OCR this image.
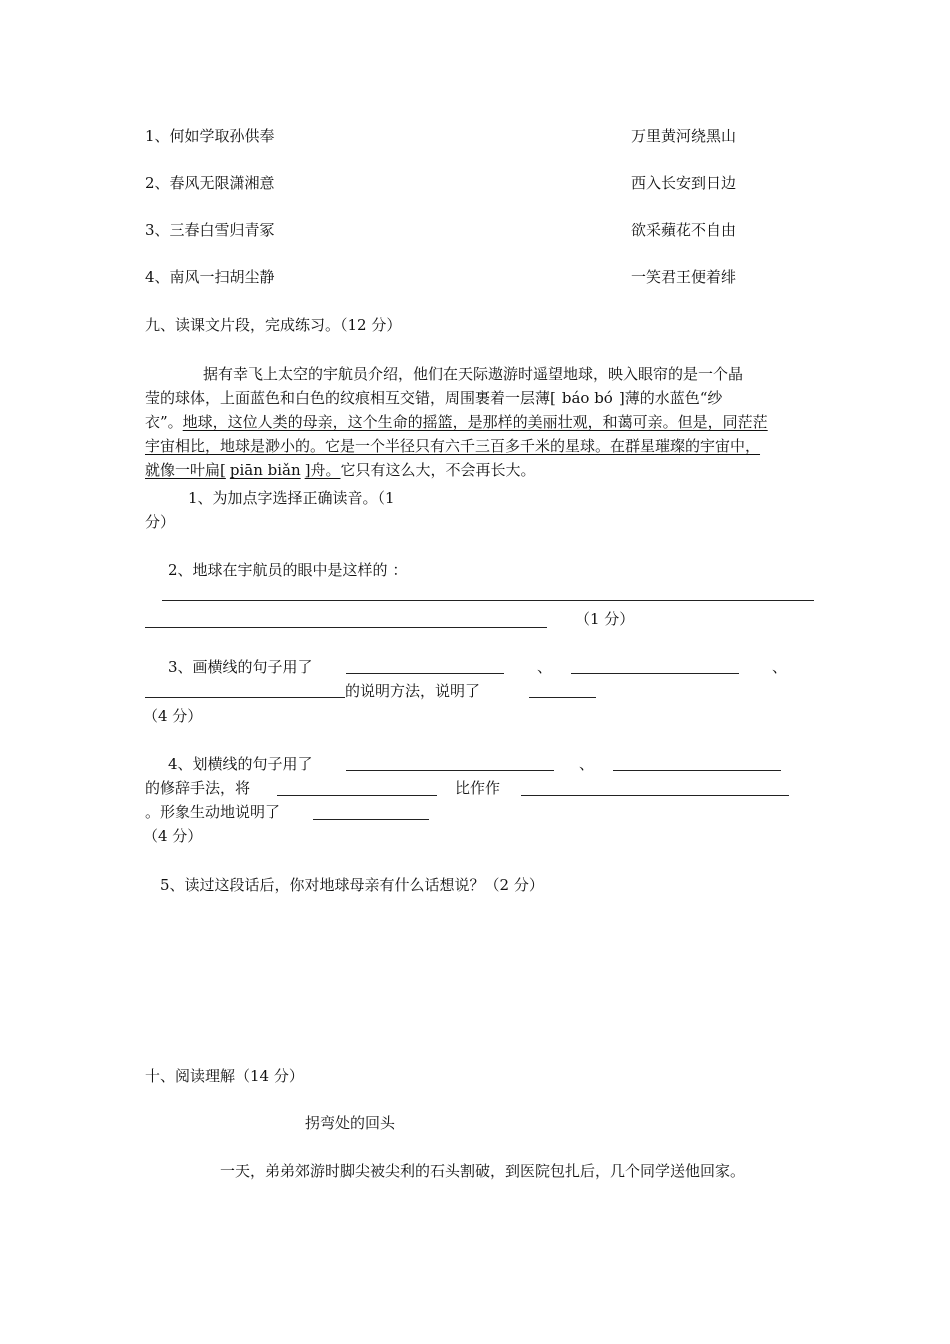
1、何如学取孙供奉	万里黄河绕黑山
2、春风无限潇湘意	西入长安到日边
3、三春白雪归青冢	欲采蘋花不自由
4、南风一扫胡尘静	一笑君王便着绯
九、读课文片段，完成练习。（12 分）
据有幸飞上太空的宇航员介绍，他们在天际遨游时遥望地球，映入眼帘的是一个晶
莹的球体，上面蓝色和白色的纹痕相互交错，周围裹着一层薄[ báo bó ]薄的水蓝色“纱
衣”。地球，这位人类的母亲，这个生命的摇篮，是那样的美丽壮观，和蔼可亲。但是，同茫茫
宇宙相比，地球是渺小的。它是一个半径只有六千三百多千米的星球。在群星璀璨的宇宙中，
就像一叶扁[ piān biǎn ]舟。它只有这么大，不会再长大。
1、为加点字选择正确读音。（1
分）
2、地球在宇航员的眼中是这样的 ：
（1 分）
3、画横线的句子用了	、	、
的说明方法，说明了
（4 分）
4、划横线的句子用了	、
的修辞手法，将	比作作
。形象生动地说明了
（4 分）
5、读过这段话后，你对地球母亲有什么话想说？（2 分）
十、阅读理解（14 分）
拐弯处的回头
一天，弟弟郊游时脚尖被尖利的石头割破，到医院包扎后，几个同学送他回家。
